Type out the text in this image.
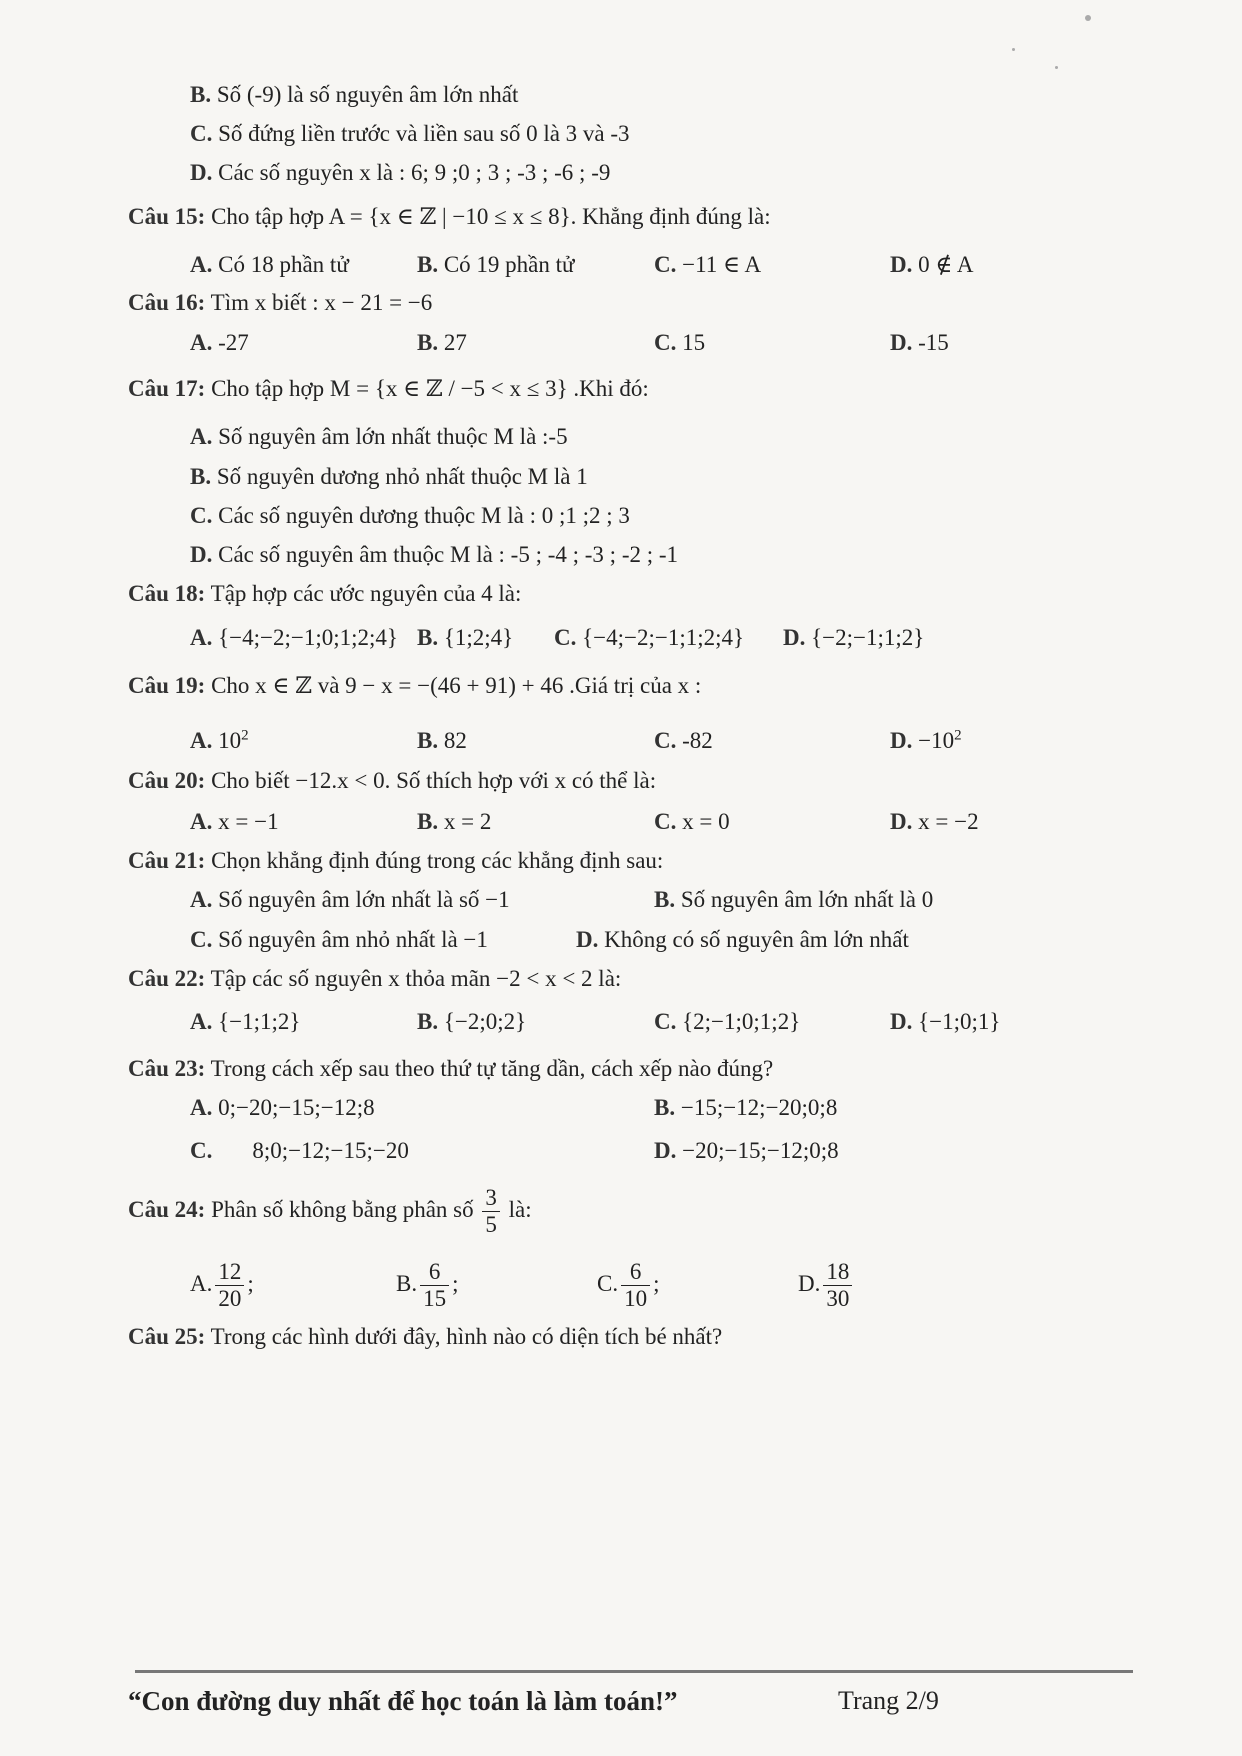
B. Số (-9) là số nguyên âm lớn nhất
C. Số đứng liền trước và liền sau số 0 là 3 và -3
D. Các số nguyên x là : 6; 9 ;0 ; 3 ; -3 ; -6 ; -9
Câu 15: Cho tập hợp A = {x ∈ ℤ | −10 ≤ x ≤ 8}. Khẳng định đúng là:
A. Có 18 phần tử	B. Có 19 phần tử	C. −11 ∈ A	D. 0 ∉ A
Câu 16: Tìm x biết : x − 21 = −6
A. -27	B. 27	C. 15	D. -15
Câu 17: Cho tập hợp M = {x ∈ ℤ / −5 < x ≤ 3} .Khi đó:
A. Số nguyên âm lớn nhất thuộc M là :-5
B. Số nguyên dương nhỏ nhất thuộc M là 1
C. Các số nguyên dương thuộc M là : 0 ;1 ;2 ; 3
D. Các số nguyên âm thuộc M là : -5 ; -4 ; -3 ; -2 ; -1
Câu 18: Tập hợp các ước nguyên của 4 là:
A. {−4;−2;−1;0;1;2;4} B. {1;2;4} C. {−4;−2;−1;1;2;4} D. {−2;−1;1;2}
Câu 19: Cho x ∈ ℤ và 9 − x = −(46 + 91) + 46 .Giá trị của x :
A. $10^2$	B. 82	C. -82	D. $-10^2$
Câu 20: Cho biết −12.x < 0. Số thích hợp với x có thể là:
A. x = −1	B. x = 2	C. x = 0	D. x = −2
Câu 21: Chọn khẳng định đúng trong các khẳng định sau:
A. Số nguyên âm lớn nhất là số −1	B. Số nguyên âm lớn nhất là 0
C. Số nguyên âm nhỏ nhất là −1	D. Không có số nguyên âm lớn nhất
Câu 22: Tập các số nguyên x thỏa mãn −2 < x < 2 là:
A. {−1;1;2}	B. {−2;0;2}	C. {2;−1;0;1;2}	D. {−1;0;1}
Câu 23: Trong cách xếp sau theo thứ tự tăng dần, cách xếp nào đúng?
A. 0;−20;−15;−12;8	B. −15;−12;−20;0;8
C. 8;0;−12;−15;−20	D. −20;−15;−12;0;8
Câu 24: Phân số không bằng phân số $\frac{3}{5}$ là:
A. $\frac{12}{20}$ ;	B. $\frac{6}{15}$ ;	C. $\frac{6}{10}$ ;	D. $\frac{18}{30}$
Câu 25: Trong các hình dưới đây, hình nào có diện tích bé nhất?
“Con đường duy nhất để học toán là làm toán!”	Trang 2/9
